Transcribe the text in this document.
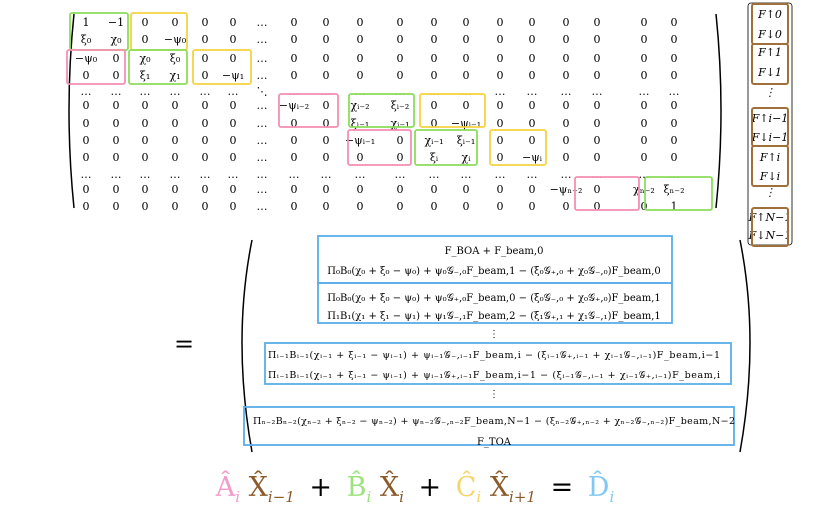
1 −1 0 0 0 0 … 0 0 0	0 0 0 0 0 0 0	0 0
ξ₀ χ₀ 0 −ψ₀ 0 0 … 0 0 0	0 0 0 0 0 0 0	0 0
−ψ₀ 0 χ₀ ξ₀ 0 0 … 0 0 0	0 0 0 0 0 0 0	0 0
0 0 ξ₁ χ₁ 0 −ψ₁ … 0 0 0	0 0 0 0 0 0 0	0 0
… … … … … … ⋱ … … …	… … … … … … …	… …
0 0 0 0 0 0 … −ψᵢ₋₂ 0 χᵢ₋₂ ξᵢ₋₂ 0 0 0 0 0 0	0 0
0 0 0 0 0 0 … 0 0 ξᵢ₋₁ χᵢ₋₁ 0 −ψᵢ₋₁ 0 0 0 0	0 0
0 0 0 0 0 0 … 0 0 −ψᵢ₋₁ 0 χᵢ₋₁ ξᵢ₋₁ 0 0 0 0	0 0
0 0 0 0 0 0 … 0 0 0	0 ξᵢ χᵢ 0 −ψᵢ 0 0	0 0
… … … … … … … … … …	… … … … … … …	… …
0 0 0 0 0 0 … 0 0 0	0 0 0 0 0 −ψₙ₋₂ 0	χₙ₋₂ ξₙ₋₂
0 0 0 0 0 0 … 0 0 0	0 0 0 0 0 0 0	0 1
F↑0
F↓0
F↑1
F↓1
⋮
F↑i−1
F↓i−1
F↑i
F↓i
⋮
F↑N−1
F↓N−1
F_BOA + F_beam,0
Π₀B₀(χ₀ + ξ₀ − ψ₀) + ψ₀𝒢₋,₀F_beam,1 − (ξ₀𝒢₊,₀ + χ₀𝒢₋,₀)F_beam,0
Π₀B₀(χ₀ + ξ₀ − ψ₀) + ψ₀𝒢₊,₀F_beam,0 − (ξ₀𝒢₋,₀ + χ₀𝒢₊,₀)F_beam,1
Π₁B₁(χ₁ + ξ₁ − ψ₁) + ψ₁𝒢₋,₁F_beam,2 − (ξ₁𝒢₊,₁ + χ₁𝒢₋,₁)F_beam,1
⋮
Πᵢ₋₁Bᵢ₋₁(χᵢ₋₁ + ξᵢ₋₁ − ψᵢ₋₁) + ψᵢ₋₁𝒢₋,ᵢ₋₁F_beam,i − (ξᵢ₋₁𝒢₊,ᵢ₋₁ + χᵢ₋₁𝒢₋,ᵢ₋₁)F_beam,i−1
Πᵢ₋₁Bᵢ₋₁(χᵢ₋₁ + ξᵢ₋₁ − ψᵢ₋₁) + ψᵢ₋₁𝒢₊,ᵢ₋₁F_beam,i−1 − (ξᵢ₋₁𝒢₋,ᵢ₋₁ + χᵢ₋₁𝒢₊,ᵢ₋₁)F_beam,i
⋮
Πₙ₋₂Bₙ₋₂(χₙ₋₂ + ξₙ₋₂ − ψₙ₋₂) + ψₙ₋₂𝒢₋,ₙ₋₂F_beam,N−1 − (ξₙ₋₂𝒢₊,ₙ₋₂ + χₙ₋₂𝒢₋,ₙ₋₂)F_beam,N−2
F_TOA
=
Âi X̂i−1 + B̂i X̂i + Ĉi X̂i+1 = D̂i
